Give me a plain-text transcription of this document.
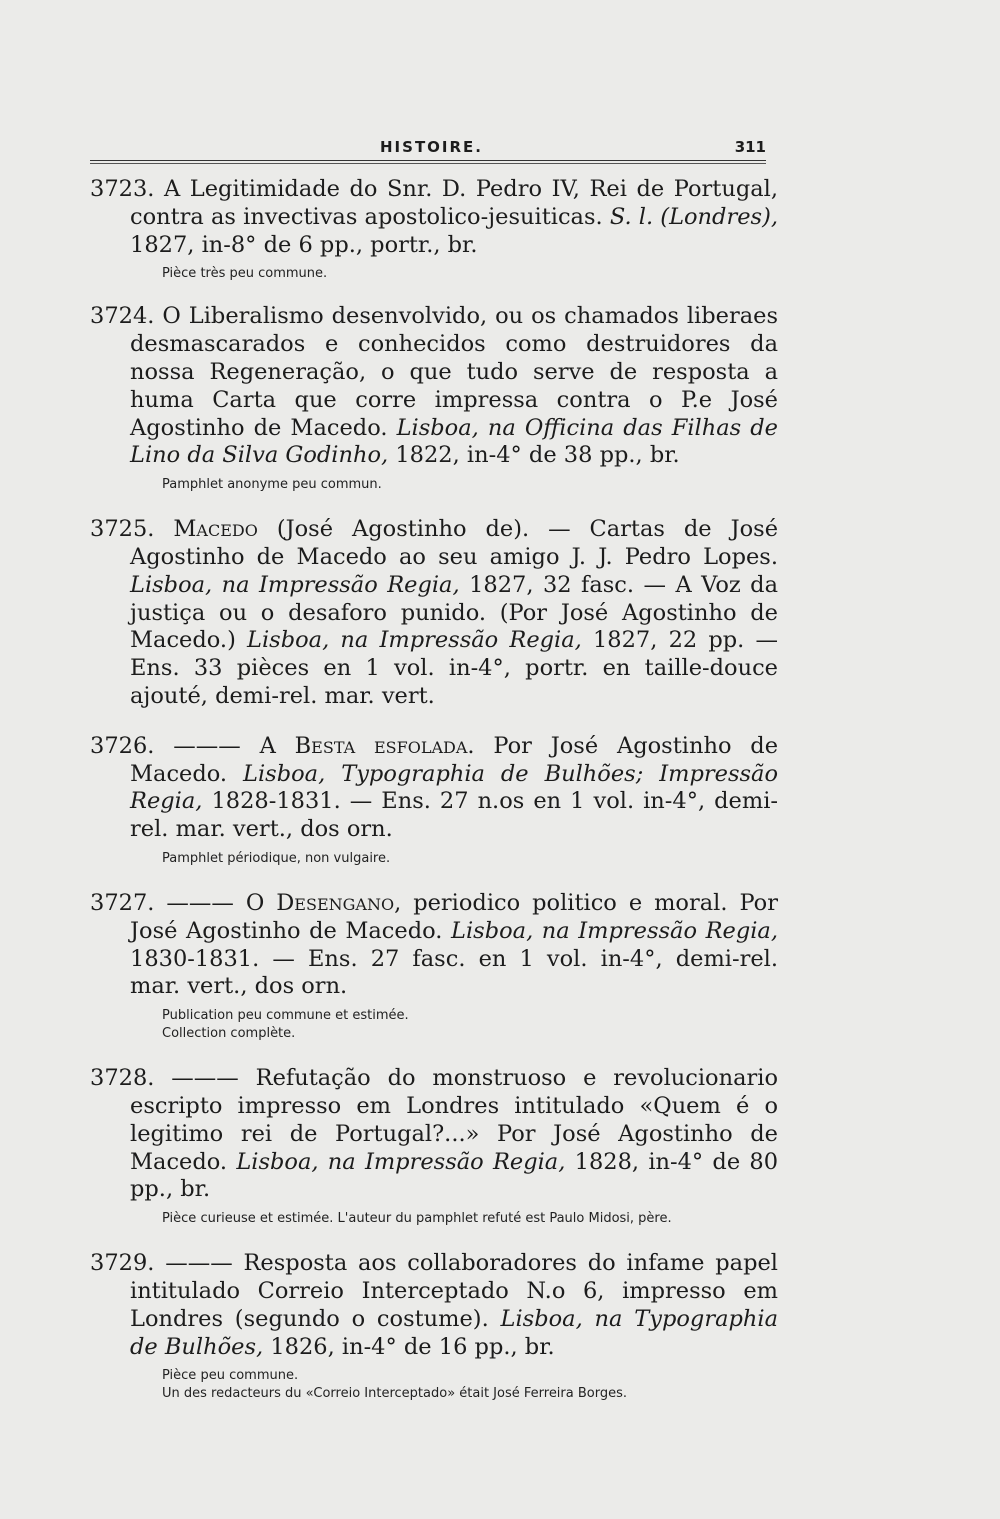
HISTOIRE.	311

3723. A Legitimidade do Snr. D. Pedro IV, Rei de Portugal, contra as invectivas apostolico-jesuiticas. S. l. (Londres), 1827, in-8° de 6 pp., portr., br.

Pièce très peu commune.

3724. O Liberalismo desenvolvido, ou os chamados liberaes desmascarados e conhecidos como destruidores da nossa Regeneração, o que tudo serve de resposta a huma Carta que corre impressa contra o P.e José Agostinho de Macedo. Lisboa, na Officina das Filhas de Lino da Silva Godinho, 1822, in-4° de 38 pp., br.

Pamphlet anonyme peu commun.

3725. Macedo (José Agostinho de). — Cartas de José Agostinho de Macedo ao seu amigo J. J. Pedro Lopes. Lisboa, na Impressão Regia, 1827, 32 fasc. — A Voz da justiça ou o desaforo punido. (Por José Agostinho de Macedo.) Lisboa, na Impressão Regia, 1827, 22 pp. — Ens. 33 pièces en 1 vol. in-4°, portr. en taille-douce ajouté, demi-rel. mar. vert.

3726. ——— A Besta esfolada. Por José Agostinho de Macedo. Lisboa, Typographia de Bulhões; Impressão Regia, 1828-1831. — Ens. 27 n.os en 1 vol. in-4°, demi-rel. mar. vert., dos orn.

Pamphlet périodique, non vulgaire.

3727. ——— O Desengano, periodico politico e moral. Por José Agostinho de Macedo. Lisboa, na Impressão Regia, 1830-1831. — Ens. 27 fasc. en 1 vol. in-4°, demi-rel. mar. vert., dos orn.

Publication peu commune et estimée.

Collection complète.

3728. ——— Refutação do monstruoso e revolucionario escripto impresso em Londres intitulado «Quem é o legitimo rei de Portugal?...» Por José Agostinho de Macedo. Lisboa, na Impressão Regia, 1828, in-4° de 80 pp., br.

Pièce curieuse et estimée. L'auteur du pamphlet refuté est Paulo Midosi, père.

3729. ——— Resposta aos collaboradores do infame papel intitulado Correio Interceptado N.o 6, impresso em Londres (segundo o costume). Lisboa, na Typographia de Bulhões, 1826, in-4° de 16 pp., br.

Pièce peu commune.

Un des redacteurs du «Correio Interceptado» était José Ferreira Borges.
